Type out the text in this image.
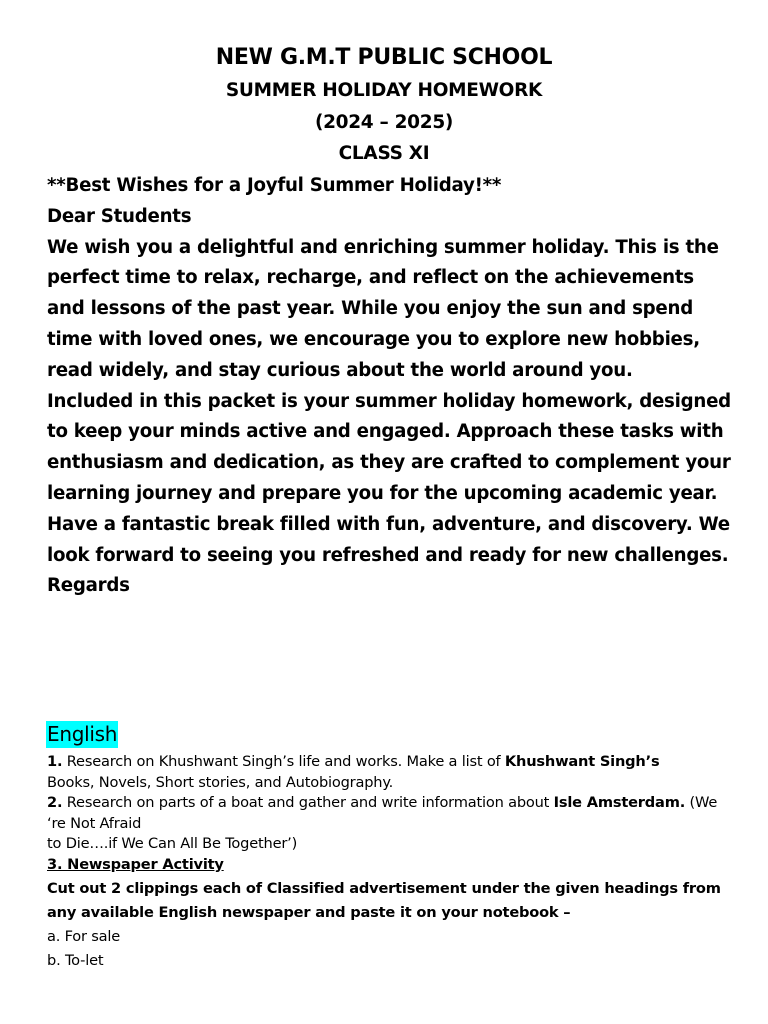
NEW G.M.T PUBLIC SCHOOL
SUMMER HOLIDAY HOMEWORK
(2024 – 2025)
CLASS XI

**Best Wishes for a Joyful Summer Holiday!**

Dear Students

We wish you a delightful and enriching summer holiday. This is the perfect time to relax, recharge, and reflect on the achievements and lessons of the past year. While you enjoy the sun and spend time with loved ones, we encourage you to explore new hobbies, read widely, and stay curious about the world around you.

Included in this packet is your summer holiday homework, designed to keep your minds active and engaged. Approach these tasks with enthusiasm and dedication, as they are crafted to complement your learning journey and prepare you for the upcoming academic year.

Have a fantastic break filled with fun, adventure, and discovery. We look forward to seeing you refreshed and ready for new challenges.

Regards

English

1. Research on Khushwant Singh’s life and works. Make a list of Khushwant Singh’s
Books, Novels, Short stories, and Autobiography.

2. Research on parts of a boat and gather and write information about Isle Amsterdam. (We ‘re Not Afraid
to Die….if We Can All Be Together’)

3. Newspaper Activity

Cut out 2 clippings each of Classified advertisement under the given headings from any available English newspaper and paste it on your notebook –

a. For sale

b. To-let
